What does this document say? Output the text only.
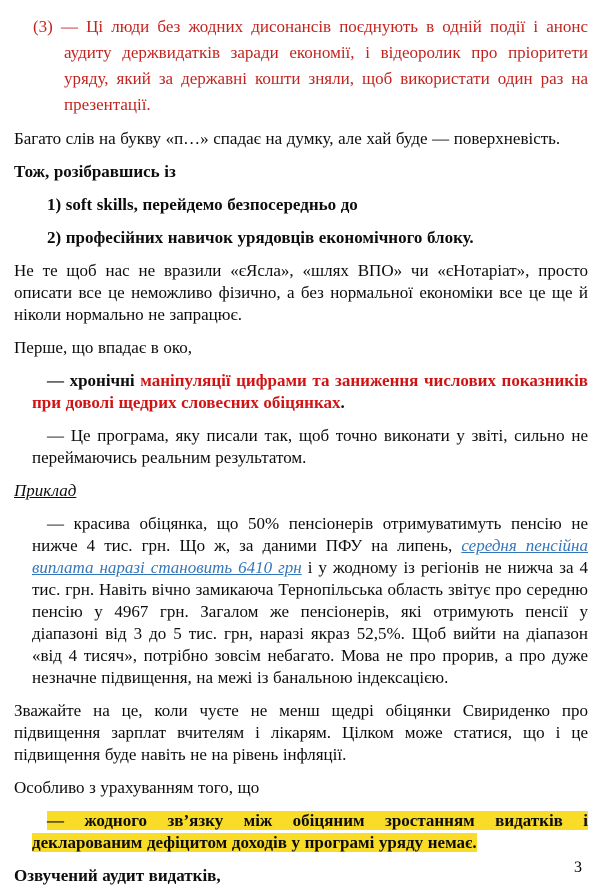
(3) — Ці люди без жодних дисонансів поєднують в одній події і анонс аудиту держвидатків заради економії, і відеоролик про пріоритети уряду, який за державні кошти зняли, щоб використати один раз на презентації.

Багато слів на букву «п…» спадає на думку, але хай буде — поверхневість.

Тож, розібравшись із

1) soft skills, перейдемо безпосередньо до

2) професійних навичок урядовців економічного блоку.

Не те щоб нас не вразили «єЯсла», «шлях ВПО» чи «єНотаріат», просто описати все це неможливо фізично, а без нормальної економіки все це ще й ніколи нормально не запрацює.

Перше, що впадає в око,

— хронічні маніпуляції цифрами та заниження числових показників при доволі щедрих словесних обіцянках.

— Це програма, яку писали так, щоб точно виконати у звіті, сильно не переймаючись реальним результатом.

Приклад

— красива обіцянка, що 50% пенсіонерів отримуватимуть пенсію не нижче 4 тис. грн. Що ж, за даними ПФУ на липень, середня пенсійна виплата наразі становить 6410 грн і у жодному із регіонів не нижча за 4 тис. грн. Навіть вічно замикаюча Тернопільська область звітує про середню пенсію у 4967 грн. Загалом же пенсіонерів, які отримують пенсії у діапазоні від 3 до 5 тис. грн, наразі якраз 52,5%. Щоб вийти на діапазон «від 4 тисяч», потрібно зовсім небагато. Мова не про прорив, а про дуже незначне підвищення, на межі із банальною індексацією.

Зважайте на це, коли чуєте не менш щедрі обіцянки Свириденко про підвищення зарплат вчителям і лікарям. Цілком може статися, що і це підвищення буде навіть не на рівень інфляції.

Особливо з урахуванням того, що

— жодного зв’язку між обіцяним зростанням видатків і декларованим дефіцитом доходів у програмі уряду немає.

Озвучений аудит видатків,	3
